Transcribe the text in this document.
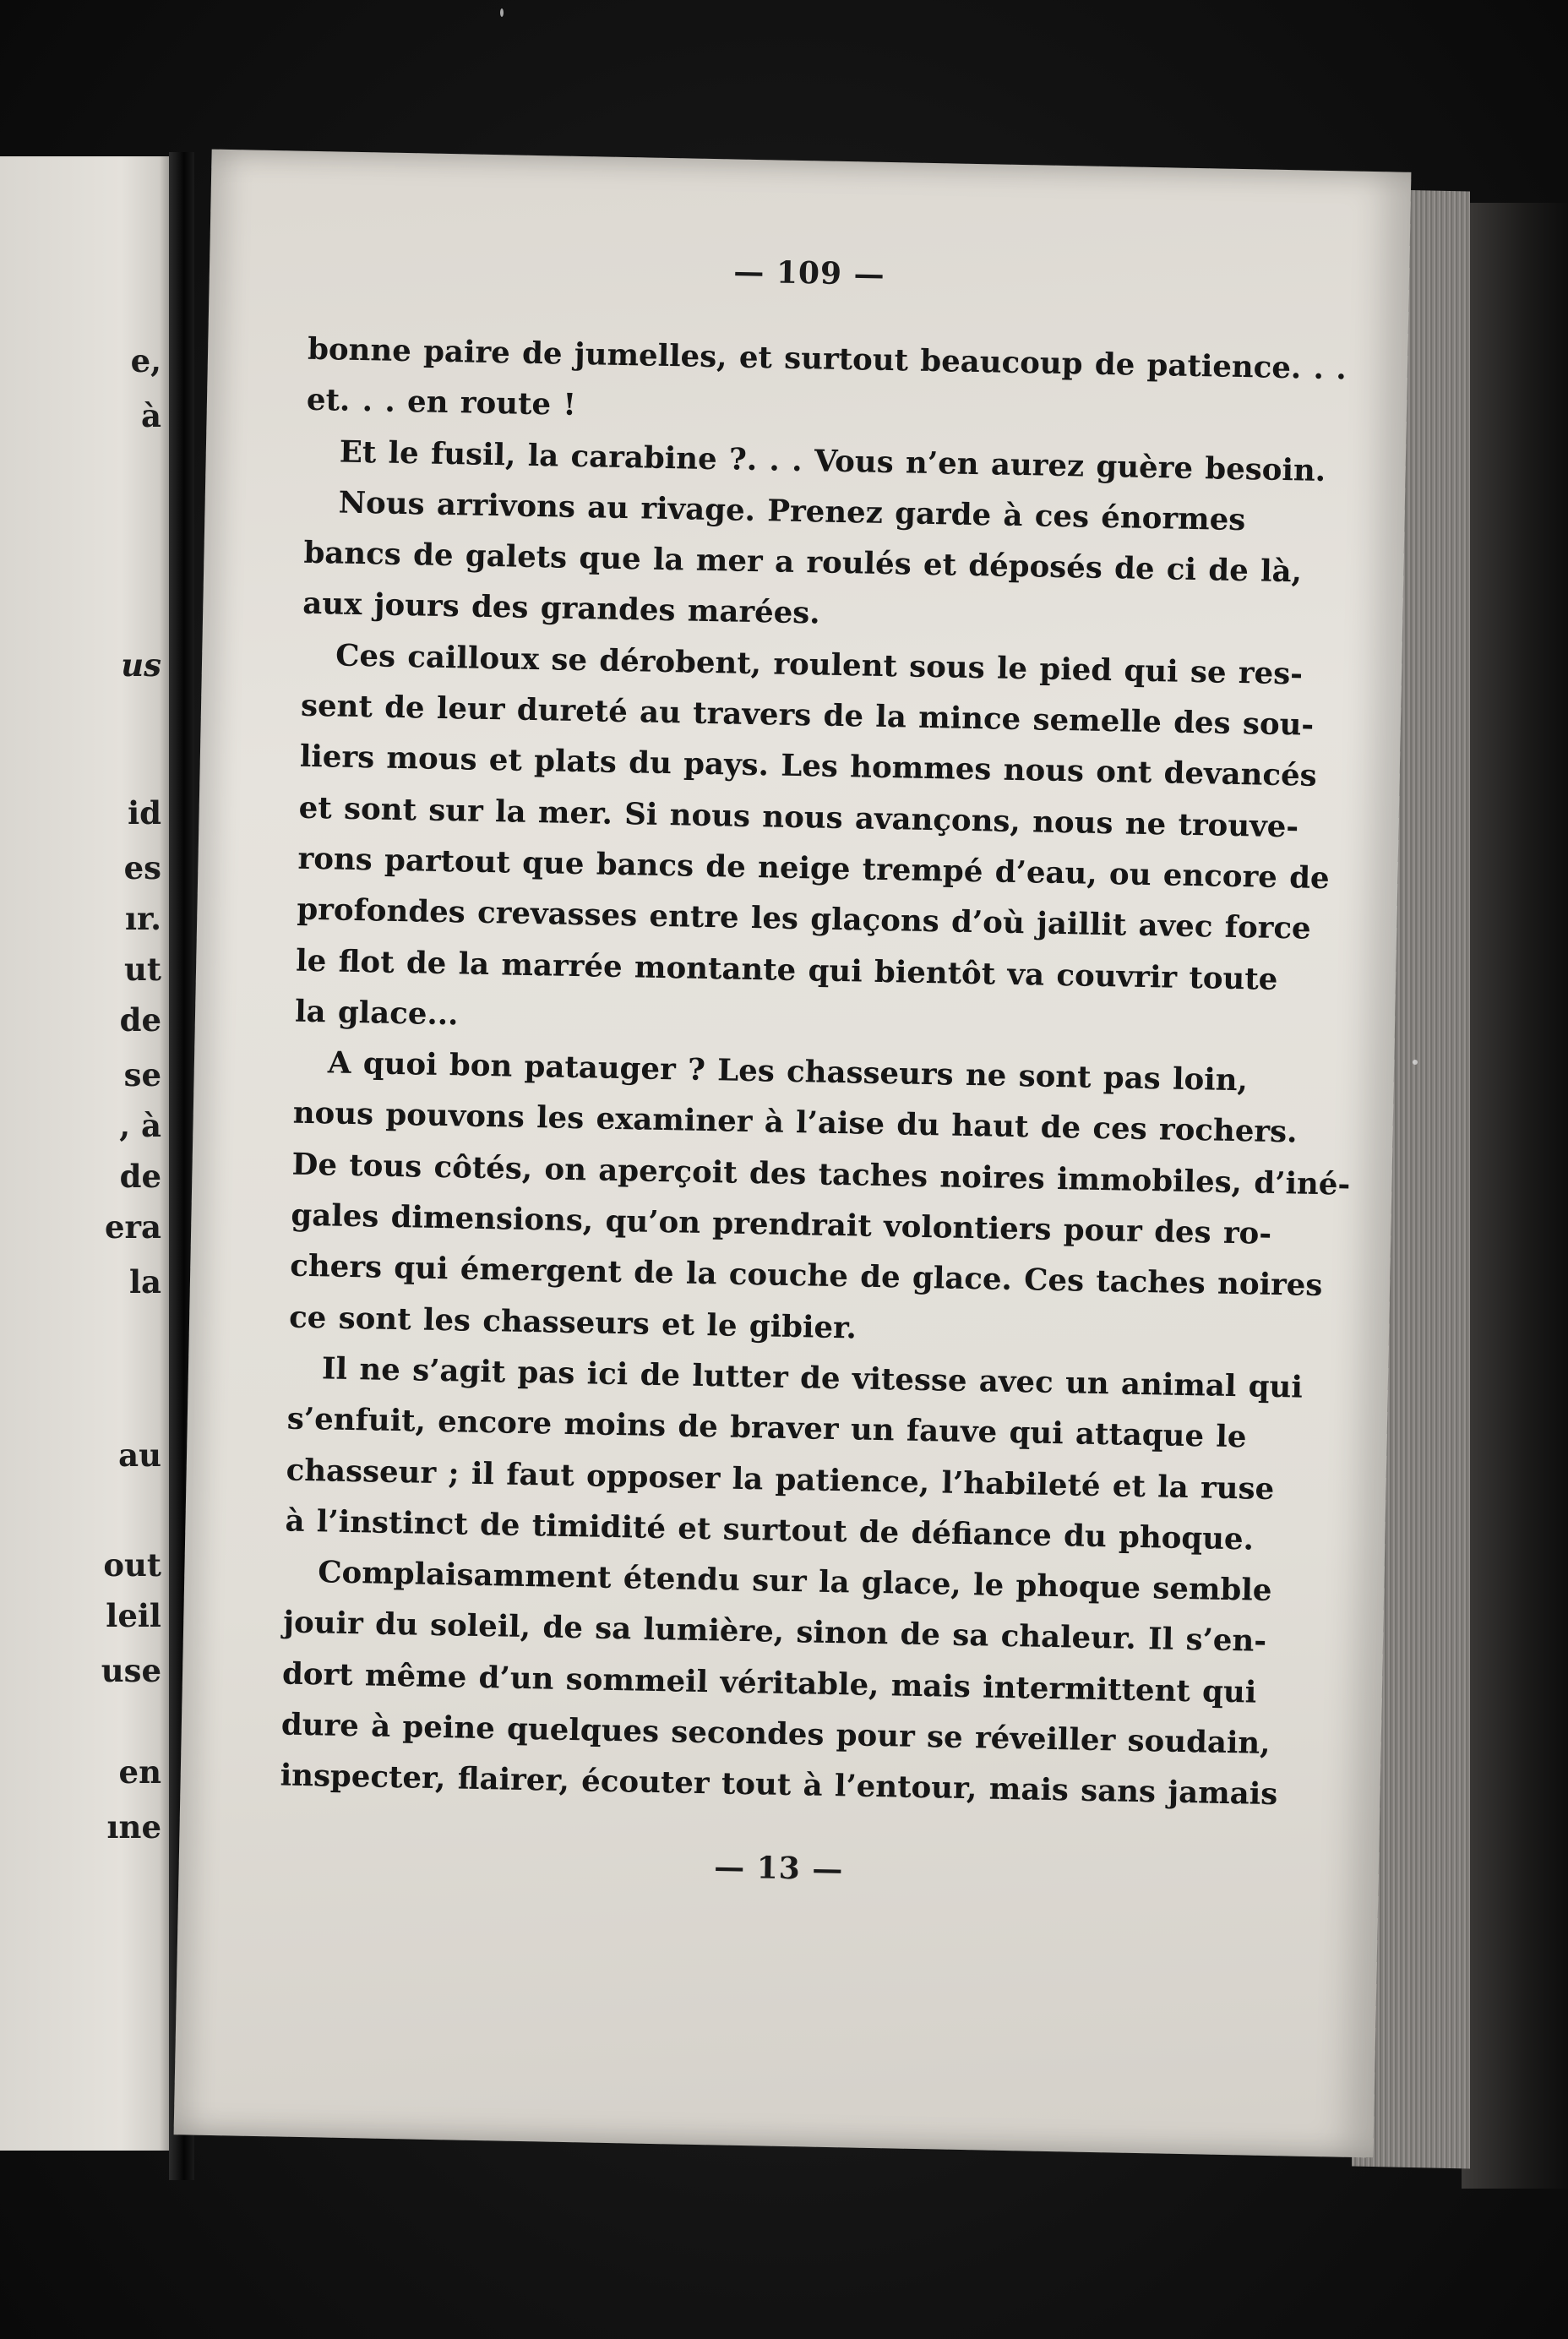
e,
à
us
id
es
ır.
ut
de
se
, à
de
era
la
au
out
leil
use
en
ıne
— 109 —
bonne paire de jumelles, et surtout beaucoup de patience. . .
et. . . en route !
Et le fusil, la carabine ?. . . Vous n’en aurez guère besoin.
Nous arrivons au rivage. Prenez garde à ces énormes
bancs de galets que la mer a roulés et déposés de ci de là,
aux jours des grandes marées.
Ces cailloux se dérobent, roulent sous le pied qui se res-
sent de leur dureté au travers de la mince semelle des sou-
liers mous et plats du pays. Les hommes nous ont devancés
et sont sur la mer. Si nous nous avançons, nous ne trouve-
rons partout que bancs de neige trempé d’eau, ou encore de
profondes crevasses entre les glaçons d’où jaillit avec force
le flot de la marrée montante qui bientôt va couvrir toute
la glace...
A quoi bon patauger ? Les chasseurs ne sont pas loin,
nous pouvons les examiner à l’aise du haut de ces rochers.
De tous côtés, on aperçoit des taches noires immobiles, d’iné-
gales dimensions, qu’on prendrait volontiers pour des ro-
chers qui émergent de la couche de glace. Ces taches noires
ce sont les chasseurs et le gibier.
Il ne s’agit pas ici de lutter de vitesse avec un animal qui
s’enfuit, encore moins de braver un fauve qui attaque le
chasseur ; il faut opposer la patience, l’habileté et la ruse
à l’instinct de timidité et surtout de défiance du phoque.
Complaisamment étendu sur la glace, le phoque semble
jouir du soleil, de sa lumière, sinon de sa chaleur. Il s’en-
dort même d’un sommeil véritable, mais intermittent qui
dure à peine quelques secondes pour se réveiller soudain,
inspecter, flairer, écouter tout à l’entour, mais sans jamais
— 13 —
